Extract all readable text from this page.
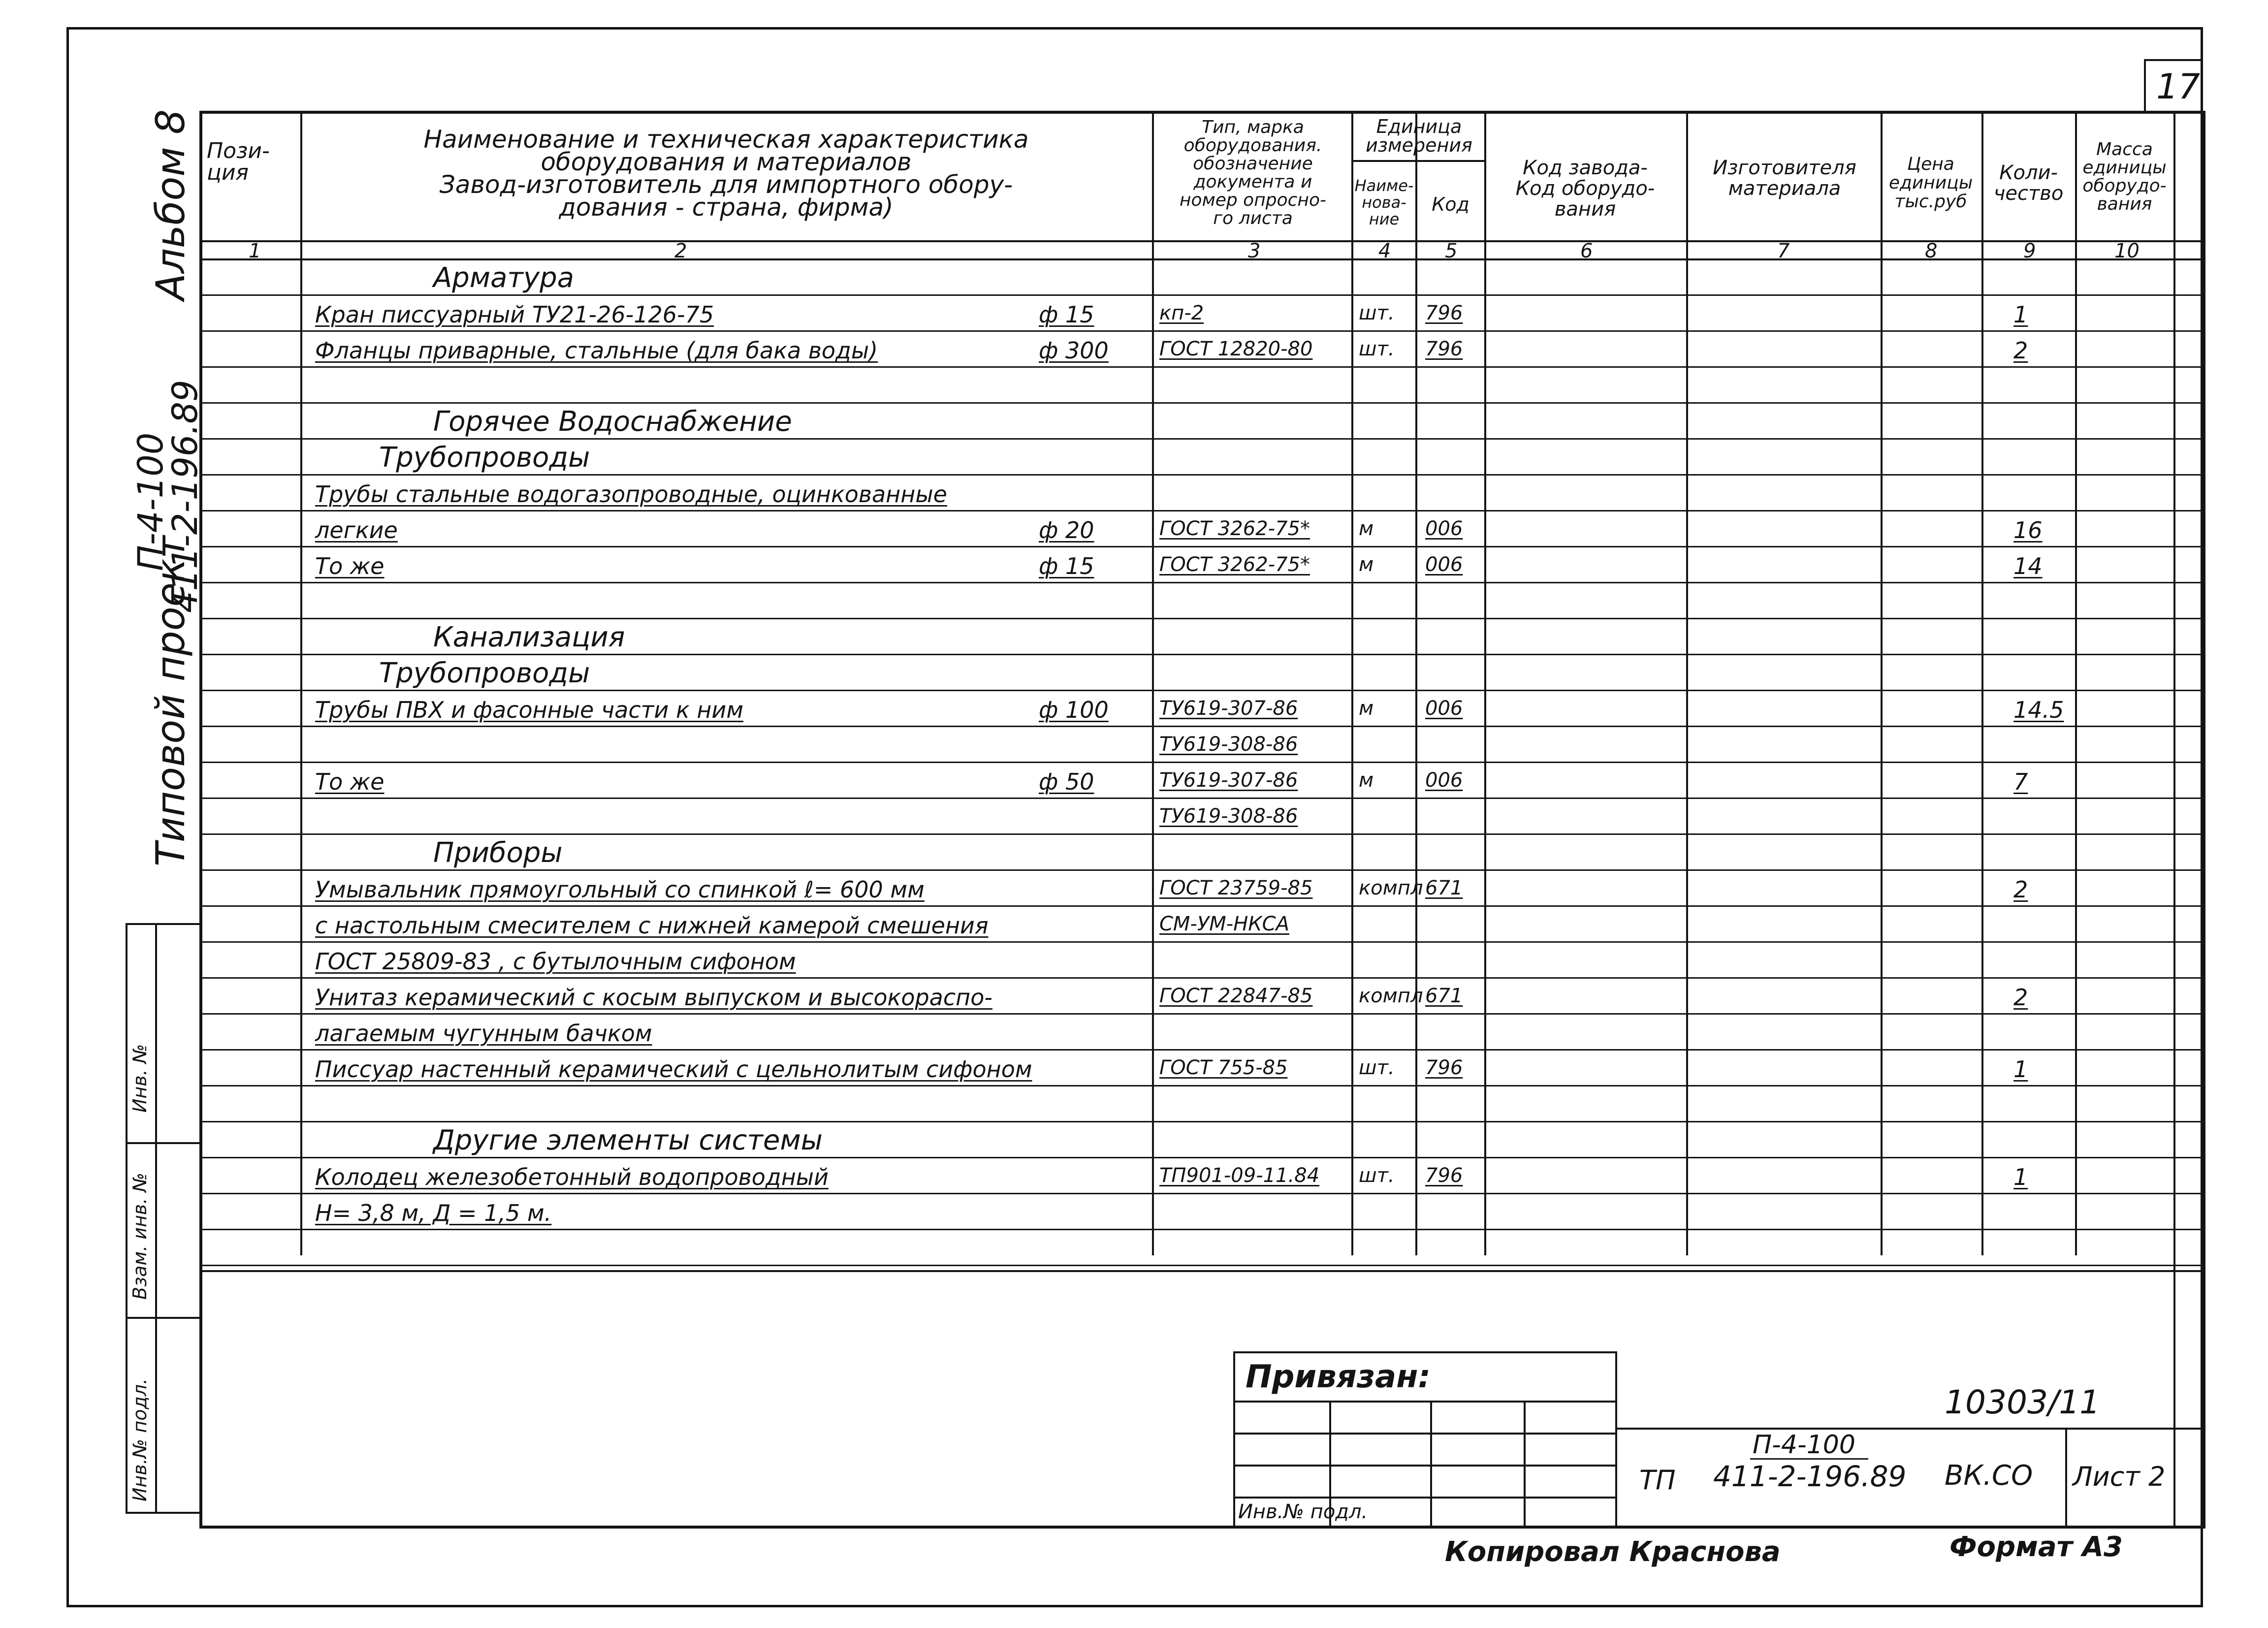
17
Альбом 8
Типовой проект
П-4-100
411-2-196.89
Инв.№ подл.
Взам. инв. №
Инв. №
Пози-
ция
Наименование и техническая характеристика
оборудования и материалов
Завод-изготовитель для импортного обору-
дования - страна, фирма)
Тип, марка
оборудования.
обозначение
документа и
номер опросно-
го листа
Единица
измерения
Наиме-
нова-
ние
Код
Код завода-
Код оборудо-
вания
Изготовителя
материала
Цена
единицы
тыс.руб
Коли-
чество
Масса
единицы
оборудо-
вания
1	2	3	4	5	6	7	8	9	10
Арматура
Кран писсуарный ТУ21-26-126-75	ф 15	кп-2	шт. 796	1
Фланцы приварные, стальные (для бака воды)	ф 300	ГОСТ 12820-80 шт. 796	2
Горячее Водоснабжение
Трубопроводы
Трубы стальные водогазопроводные, оцинкованные
легкие	ф 20	ГОСТ 3262-75* м	006	16
То же	ф 15	ГОСТ 3262-75* м	006	14
Канализация
Трубопроводы
Трубы ПВХ и фасонные части к ним	ф 100	ТУ619-307-86	м	006	14.5
ТУ619-308-86
То же	ф 50	ТУ619-307-86	м	006	7
ТУ619-308-86
Приборы
Умывальник прямоугольный со спинкой ℓ= 600 мм	ГОСТ 23759-85 компл 671	2
с настольным смесителем с нижней камерой смешения	СМ-УМ-НКСА
ГОСТ 25809-83 , с бутылочным сифоном
Унитаз керамический с косым выпуском и высокораспо-	ГОСТ 22847-85 компл 671	2
лагаемым чугунным бачком
Писсуар настенный керамический с цельнолитым сифоном	ГОСТ 755-85	шт. 796	1
Другие элементы системы
Колодец железобетонный водопроводный	ТП901-09-11.84 шт. 796	1
H= 3,8 м, Д = 1,5 м.
Привязан:
Инв.№ подл.
10303/11
ТП
П-4-100
411-2-196.89 ВК.СО Лист 2
Копировал Краснова	Формат А3
